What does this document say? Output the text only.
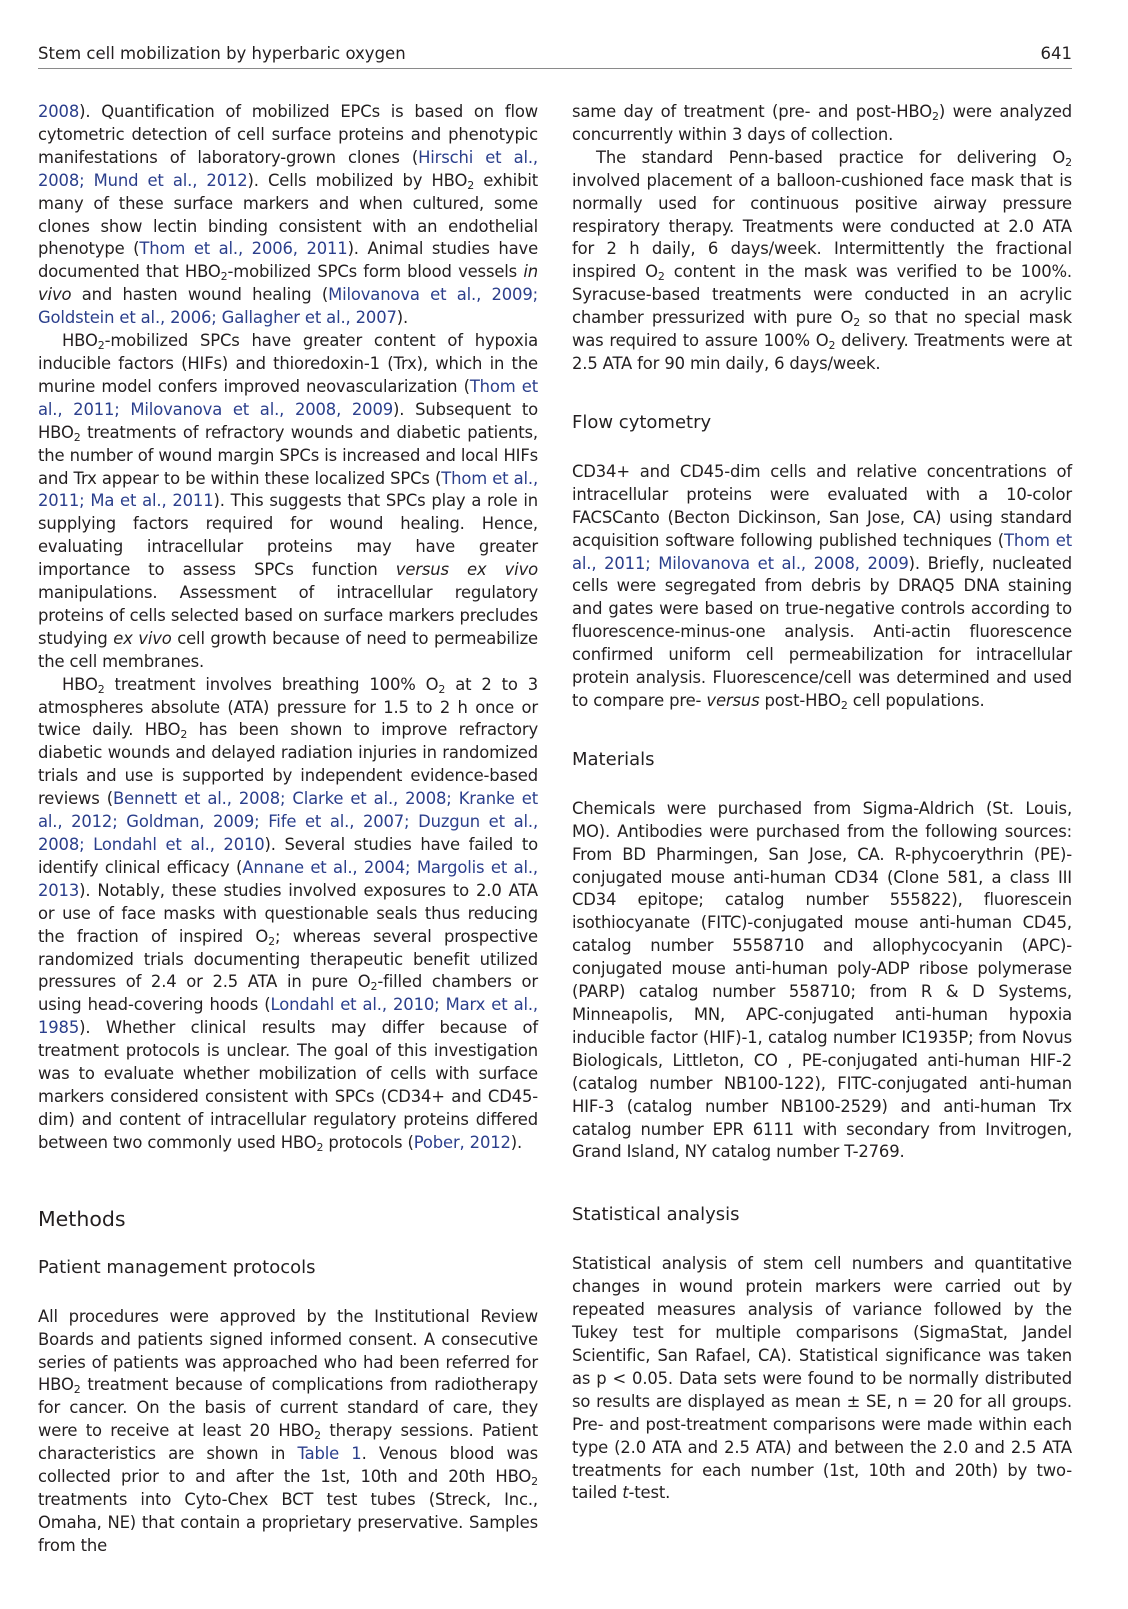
Stem cell mobilization by hyperbaric oxygen	641

2008). Quantification of mobilized EPCs is based on flow cytometric detection of cell surface proteins and phenotypic manifestations of laboratory-grown clones (Hirschi et al., 2008; Mund et al., 2012). Cells mobilized by $HBO_2$ exhibit many of these surface markers and when cultured, some clones show lectin binding consistent with an endothelial phenotype (Thom et al., 2006, 2011). Animal studies have documented that $HBO_2$-mobilized SPCs form blood vessels in vivo and hasten wound healing (Milovanova et al., 2009; Goldstein et al., 2006; Gallagher et al., 2007).

$HBO_2$-mobilized SPCs have greater content of hypoxia inducible factors (HIFs) and thioredoxin-1 (Trx), which in the murine model confers improved neovascularization (Thom et al., 2011; Milovanova et al., 2008, 2009). Subsequent to $HBO_2$ treatments of refractory wounds and diabetic patients, the number of wound margin SPCs is increased and local HIFs and Trx appear to be within these localized SPCs (Thom et al., 2011; Ma et al., 2011). This suggests that SPCs play a role in supplying factors required for wound healing. Hence, evaluating intracellular proteins may have greater importance to assess SPCs function versus ex vivo manipulations. Assessment of intracellular regulatory proteins of cells selected based on surface markers precludes studying ex vivo cell growth because of need to permeabilize the cell membranes.

$HBO_2$ treatment involves breathing 100% $O_2$ at 2 to 3 atmospheres absolute (ATA) pressure for 1.5 to 2 h once or twice daily. $HBO_2$ has been shown to improve refractory diabetic wounds and delayed radiation injuries in randomized trials and use is supported by independent evidence-based reviews (Bennett et al., 2008; Clarke et al., 2008; Kranke et al., 2012; Goldman, 2009; Fife et al., 2007; Duzgun et al., 2008; Londahl et al., 2010). Several studies have failed to identify clinical efficacy (Annane et al., 2004; Margolis et al., 2013). Notably, these studies involved exposures to 2.0 ATA or use of face masks with questionable seals thus reducing the fraction of inspired $O_2$; whereas several prospective randomized trials documenting therapeutic benefit utilized pressures of 2.4 or 2.5 ATA in pure $O_2$-filled chambers or using head-covering hoods (Londahl et al., 2010; Marx et al., 1985). Whether clinical results may differ because of treatment protocols is unclear. The goal of this investigation was to evaluate whether mobilization of cells with surface markers considered consistent with SPCs (CD34+ and CD45-dim) and content of intracellular regulatory proteins differed between two commonly used $HBO_2$ protocols (Pober, 2012).

Methods
Patient management protocols

All procedures were approved by the Institutional Review Boards and patients signed informed consent. A consecutive series of patients was approached who had been referred for $HBO_2$ treatment because of complications from radiotherapy for cancer. On the basis of current standard of care, they were to receive at least 20 $HBO_2$ therapy sessions. Patient characteristics are shown in Table 1. Venous blood was collected prior to and after the 1st, 10th and 20th $HBO_2$ treatments into Cyto-Chex BCT test tubes (Streck, Inc., Omaha, NE) that contain a proprietary preservative. Samples from the

same day of treatment (pre- and post-$HBO_2$) were analyzed concurrently within 3 days of collection.

The standard Penn-based practice for delivering $O_2$ involved placement of a balloon-cushioned face mask that is normally used for continuous positive airway pressure respiratory therapy. Treatments were conducted at 2.0 ATA for 2 h daily, 6 days/week. Intermittently the fractional inspired $O_2$ content in the mask was verified to be 100%. Syracuse-based treatments were conducted in an acrylic chamber pressurized with pure $O_2$ so that no special mask was required to assure 100% $O_2$ delivery. Treatments were at 2.5 ATA for 90 min daily, 6 days/week.

Flow cytometry

CD34+ and CD45-dim cells and relative concentrations of intracellular proteins were evaluated with a 10-color FACSCanto (Becton Dickinson, San Jose, CA) using standard acquisition software following published techniques (Thom et al., 2011; Milovanova et al., 2008, 2009). Briefly, nucleated cells were segregated from debris by DRAQ5 DNA staining and gates were based on true-negative controls according to fluorescence-minus-one analysis. Anti-actin fluorescence confirmed uniform cell permeabilization for intracellular protein analysis. Fluorescence/cell was determined and used to compare pre- versus post-$HBO_2$ cell populations.

Materials

Chemicals were purchased from Sigma-Aldrich (St. Louis, MO). Antibodies were purchased from the following sources: From BD Pharmingen, San Jose, CA. R-phycoerythrin (PE)-conjugated mouse anti-human CD34 (Clone 581, a class III CD34 epitope; catalog number 555822), fluorescein isothiocyanate (FITC)-conjugated mouse anti-human CD45, catalog number 5558710 and allophycocyanin (APC)-conjugated mouse anti-human poly-ADP ribose polymerase (PARP) catalog number 558710; from R & D Systems, Minneapolis, MN, APC-conjugated anti-human hypoxia inducible factor (HIF)-1, catalog number IC1935P; from Novus Biologicals, Littleton, CO , PE-conjugated anti-human HIF-2 (catalog number NB100-122), FITC-conjugated anti-human HIF-3 (catalog number NB100-2529) and anti-human Trx catalog number EPR 6111 with secondary from Invitrogen, Grand Island, NY catalog number T-2769.

Statistical analysis

Statistical analysis of stem cell numbers and quantitative changes in wound protein markers were carried out by repeated measures analysis of variance followed by the Tukey test for multiple comparisons (SigmaStat, Jandel Scientific, San Rafael, CA). Statistical significance was taken as p < 0.05. Data sets were found to be normally distributed so results are displayed as mean ± SE, n = 20 for all groups. Pre- and post-treatment comparisons were made within each type (2.0 ATA and 2.5 ATA) and between the 2.0 and 2.5 ATA treatments for each number (1st, 10th and 20th) by two-tailed t-test.
